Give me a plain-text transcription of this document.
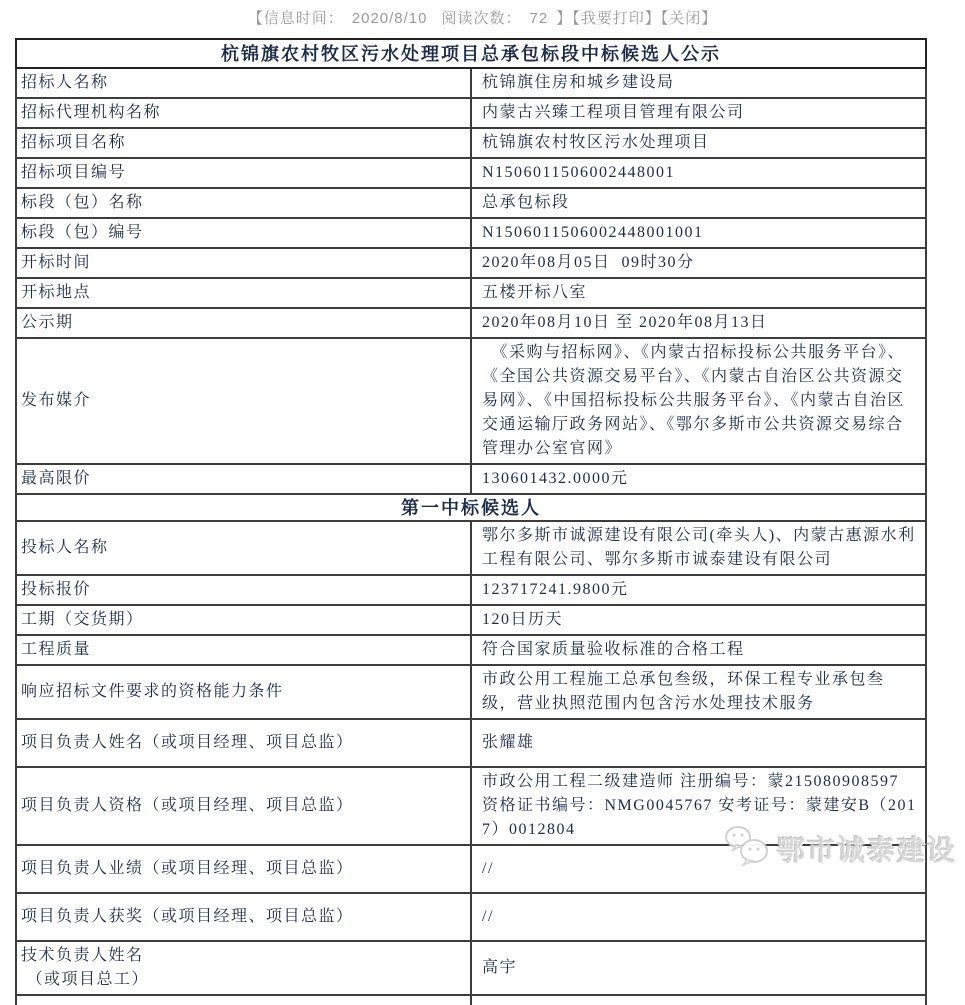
【信息时间： 2020/8/10 阅读次数： 72 】【我要打印】【关闭】
杭锦旗农村牧区污水处理项目总承包标段中标候选人公示	
招标人名称	杭锦旗住房和城乡建设局
招标代理机构名称	内蒙古兴臻工程项目管理有限公司
招标项目名称	杭锦旗农村牧区污水处理项目
招标项目编号	N1506011506002448001
标段（包）名称	总承包标段
标段（包）编号	N1506011506002448001001
开标时间	2020年08月05日  09时30分
开标地点	五楼开标八室
公示期	2020年08月10日 至 2020年08月13日
发布媒介	　《采购与招标网》、《内蒙古招标投标公共服务平台》、《全国公共资源交易平台》、《内蒙古自治区公共资源交易网》、《中国招标投标公共服务平台》、《内蒙古自治区交通运输厅政务网站》、《鄂尔多斯市公共资源交易综合管理办公室官网》
最高限价	130601432.0000元
第一中标候选人	
投标人名称	鄂尔多斯市诚源建设有限公司(牵头人)、内蒙古惠源水利工程有限公司、鄂尔多斯市诚泰建设有限公司
投标报价	123717241.9800元
工期（交货期）	120日历天
工程质量	符合国家质量验收标准的合格工程
响应招标文件要求的资格能力条件	市政公用工程施工总承包叁级，环保工程专业承包叁级，营业执照范围内包含污水处理技术服务
项目负责人姓名（或项目经理、项目总监）	张耀雄
项目负责人资格（或项目经理、项目总监）	市政公用工程二级建造师 注册编号：蒙215080908597 资格证书编号：NMG0045767 安考证号：蒙建安B（2017）0012804
项目负责人业绩（或项目经理、项目总监）	//
项目负责人获奖（或项目经理、项目总监）	//
技术负责人姓名
（或项目总工）	高宇

鄂市诚泰建设
